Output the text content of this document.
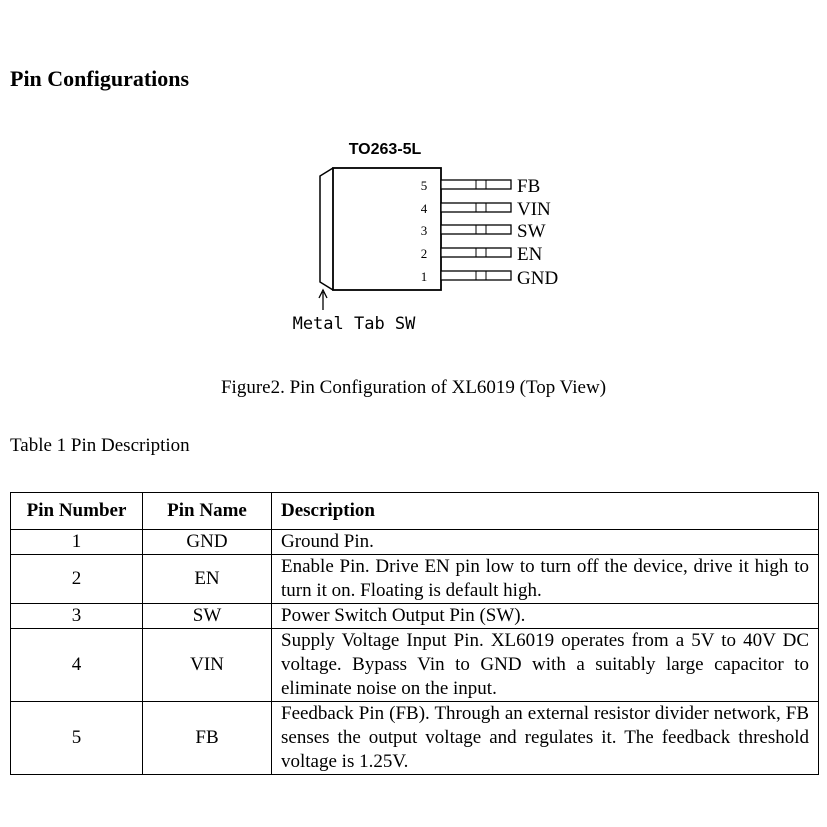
Pin Configurations
TO263-5L
5	FB
4	VIN
3	SW
2	EN
1	GND
Metal Tab SW

Figure2. Pin Configuration of XL6019 (Top View)

Table 1 Pin Description

Pin Number	Pin Name	Description
1	GND	Ground Pin.
2	EN	Enable Pin. Drive EN pin low to turn off the device, drive it high to turn it on. Floating is default high.
3	SW	Power Switch Output Pin (SW).
4	VIN	Supply Voltage Input Pin. XL6019 operates from a 5V to 40V DC voltage. Bypass Vin to GND with a suitably large capacitor to eliminate noise on the input.
5	FB	Feedback Pin (FB). Through an external resistor divider network, FB senses the output voltage and regulates it. The feedback threshold voltage is 1.25V.
